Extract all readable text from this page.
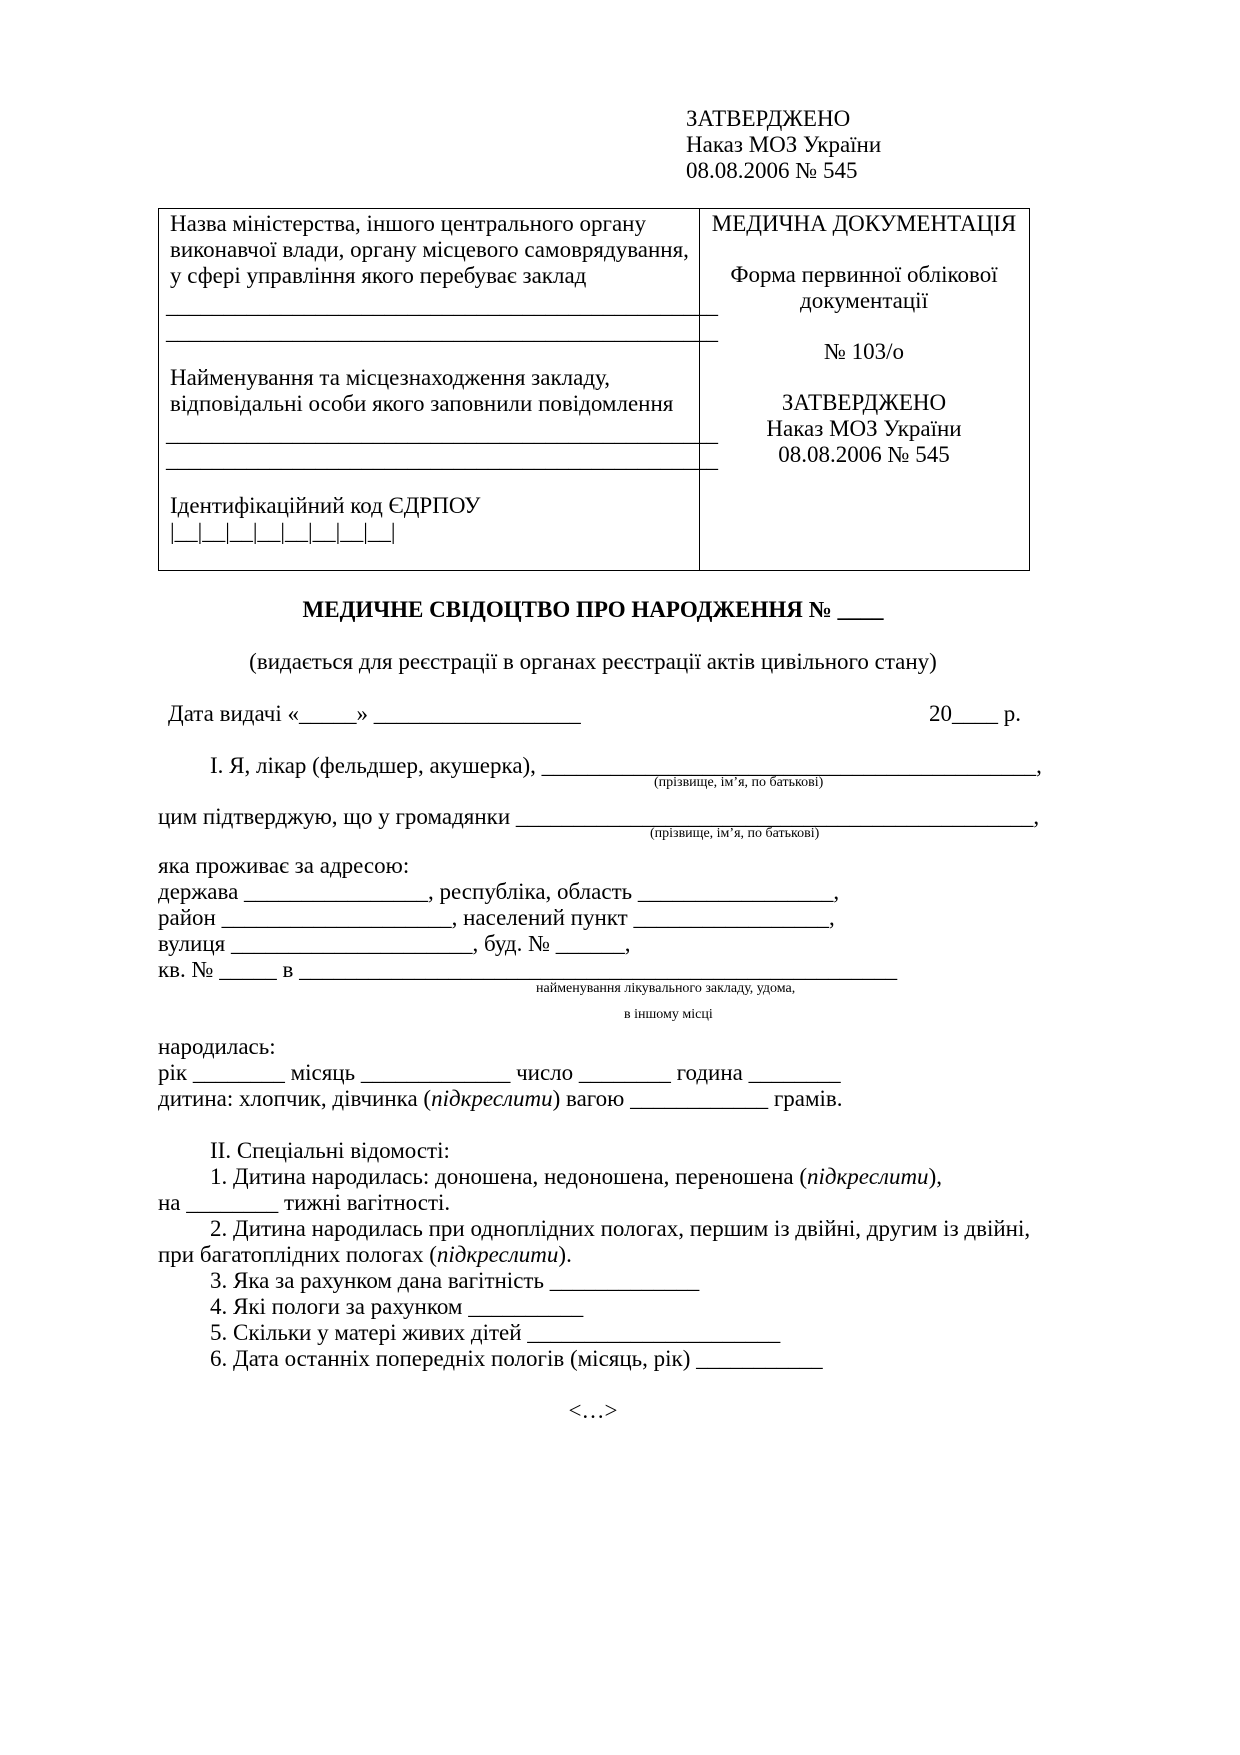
ЗАТВЕРДЖЕНО
Наказ МОЗ України
08.08.2006 № 545
Назва міністерства, іншого центрального органу
виконавчої влади, органу місцевого самоврядування,
у сфері управління якого перебуває заклад
________________________________________________
________________________________________________
Найменування та місцезнаходження закладу,
відповідальні особи якого заповнили повідомлення
________________________________________________
________________________________________________
Ідентифікаційний код ЄДРПОУ
|__|__|__|__|__|__|__|__|
МЕДИЧНА ДОКУМЕНТАЦІЯ
Форма первинної облікової
документації
№ 103/о
ЗАТВЕРДЖЕНО
Наказ МОЗ України
08.08.2006 № 545
МЕДИЧНЕ СВІДОЦТВО ПРО НАРОДЖЕННЯ № ____
(видається для реєстрації в органах реєстрації актів цивільного стану)
Дата видачі «_____» __________________	20____ р.
І. Я, лікар (фельдшер, акушерка), ___________________________________________,
(прізвище, ім’я, по батькові)
цим підтверджую, що у громадянки _____________________________________________,
(прізвище, ім’я, по батькові)
яка проживає за адресою:
держава ________________, республіка, область _________________,
район ____________________, населений пункт _________________,
вулиця _____________________, буд. № ______,
кв. № _____ в ____________________________________________________
найменування лікувального закладу, удома,
в іншому місці
народилась:
рік ________ місяць _____________ число ________ година ________
дитина: хлопчик, дівчинка (підкреслити) вагою ____________ грамів.
ІІ. Спеціальні відомості:
1. Дитина народилась: доношена, недоношена, переношена (підкреслити),
на ________ тижні вагітності.
2. Дитина народилась при одноплідних пологах, першим із двійні, другим із двійні,
при багатоплідних пологах (підкреслити).
3. Яка за рахунком дана вагітність _____________
4. Які пологи за рахунком __________
5. Скільки у матері живих дітей ______________________
6. Дата останніх попередніх пологів (місяць, рік) ___________
<…>
